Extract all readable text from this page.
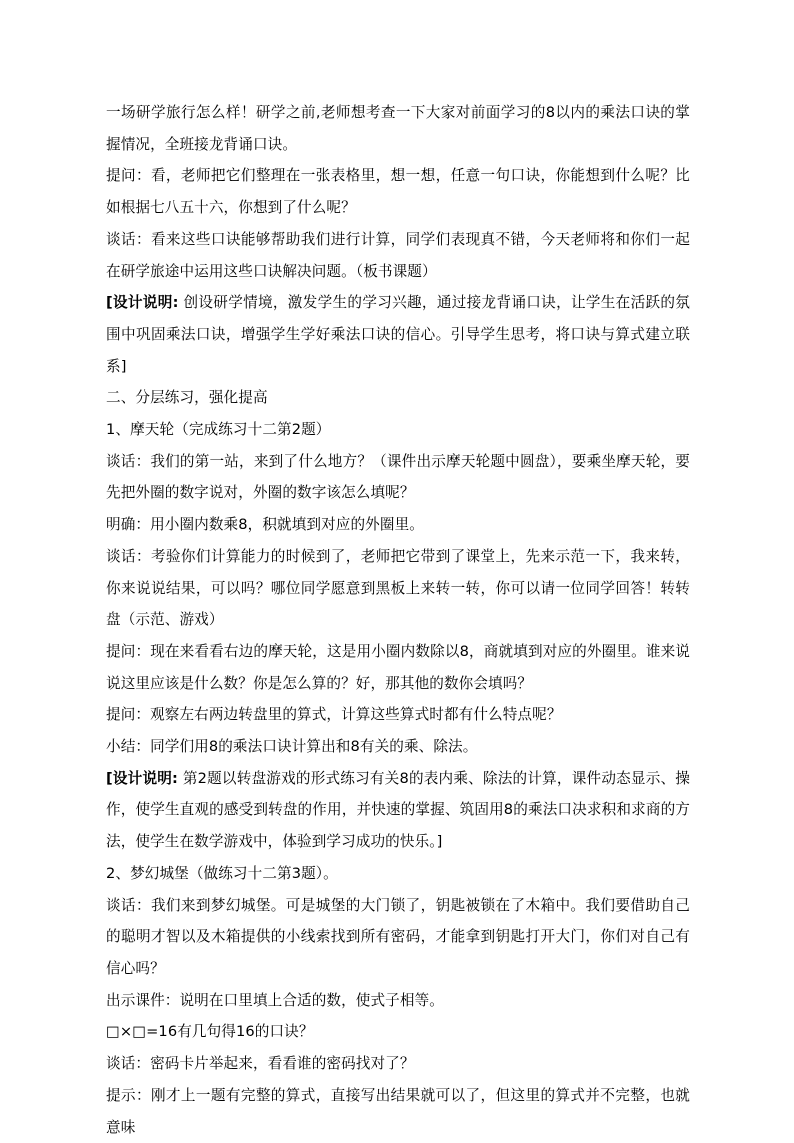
一场研学旅行怎么样！研学之前,老师想考查一下大家对前面学习的8以内的乘法口诀的掌握情况，全班接龙背诵口诀。

提问：看，老师把它们整理在一张表格里，想一想，任意一句口诀，你能想到什么呢？比如根据七八五十六，你想到了什么呢？

谈话：看来这些口诀能够帮助我们进行计算，同学们表现真不错，今天老师将和你们一起在研学旅途中运用这些口诀解决问题。（板书课题）

[设计说明: 创设研学情境，激发学生的学习兴趣，通过接龙背诵口诀，让学生在活跃的氛围中巩固乘法口诀，增强学生学好乘法口诀的信心。引导学生思考，将口诀与算式建立联系]

二、分层练习，强化提高

1、摩天轮（完成练习十二第2题）

谈话：我们的第一站，来到了什么地方？（课件出示摩天轮题中圆盘），要乘坐摩天轮，要先把外圈的数字说对，外圈的数字该怎么填呢？

明确：用小圈内数乘8，积就填到对应的外圈里。

谈话：考验你们计算能力的时候到了，老师把它带到了课堂上，先来示范一下，我来转，你来说说结果，可以吗？哪位同学愿意到黑板上来转一转，你可以请一位同学回答！转转盘（示范、游戏）

提问：现在来看看右边的摩天轮，这是用小圈内数除以8，商就填到对应的外圈里。谁来说说这里应该是什么数？你是怎么算的？好，那其他的数你会填吗？

提问：观察左右两边转盘里的算式，计算这些算式时都有什么特点呢？

小结：同学们用8的乘法口诀计算出和8有关的乘、除法。

[设计说明: 第2题以转盘游戏的形式练习有关8的表内乘、除法的计算，课件动态显示、操作，使学生直观的感受到转盘的作用，并快速的掌握、筑固用8的乘法口决求积和求商的方法，使学生在数学游戏中，体验到学习成功的快乐。]

2、梦幻城堡（做练习十二第3题）。

谈话：我们来到梦幻城堡。可是城堡的大门锁了，钥匙被锁在了木箱中。我们要借助自己的聪明才智以及木箱提供的小线索找到所有密码，才能拿到钥匙打开大门，你们对自己有信心吗？

出示课件：说明在口里填上合适的数，使式子相等。

□×□=16有几句得16的口诀？

谈话：密码卡片举起来，看看谁的密码找对了？

提示：刚才上一题有完整的算式，直接写出结果就可以了，但这里的算式并不完整，也就意味
